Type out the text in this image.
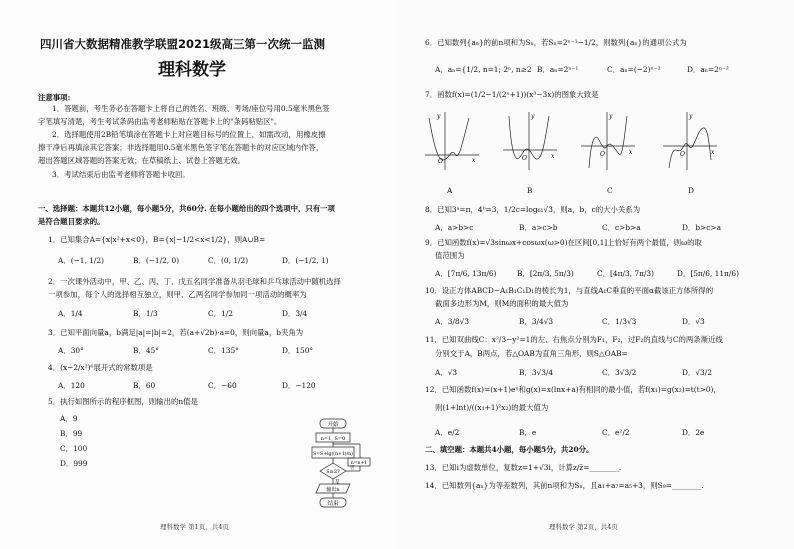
四川省大数据精准教学联盟2021级高三第一次统一监测
理科数学
注意事项:
1．答题前，考生务必在答题卡上将自己的姓名、班级、考场/座位号用0.5毫米黑色签
字笔填写清楚，考生考试条码由监考老师粘贴在答题卡上的"条码粘贴区"。
2．选择题使用2B铅笔填涂在答题卡上对应题目标号的位置上，如需改动，用橡皮擦
擦干净后再填涂其它答案；非选择题用0.5毫米黑色签字笔在答题卡的对应区域内作答，
超出答题区域答题的答案无效；在草稿纸上、试卷上答题无效。
3．考试结束后由监考老师将答题卡收回。
一、选择题：本题共12小题，每小题5分，共60分. 在每小题给出的四个选项中，只有一项
是符合题目要求的。
1．已知集合A={x|x²+x<0}，B={x|−1/2<x<1/2}，则A∪B=
A．(−1, 1/2)	B．(−1/2, 0)	C．(0, 1/2)	D．(−1/2, 1)
2．一次课外活动中，甲、乙、丙、丁、戊五名同学准备从羽毛球和乒乓球活动中随机选择
一项参加，每个人的选择相互独立，则甲、乙两名同学参加同一项活动的概率为
A．1/4	B．1/3	C．1/2	D．3/4
3．已知平面向量a，b满足|a|=|b|=2，若(a+√2b)·a=0，则向量a，b夹角为
A．30°	B．45°	C．135°	D．150°
4．(x−2/x²)⁶展开式的常数项是
A．120	B．60	C．−60	D．−120
5．执行如图所示的程序框图，则输出的n值是
A．9
B．99
C．100
D．999
开始
n=1, S=0
S=S+lg((n+1)/n)
S≥2?
否
是
n=n+1
输出n
结束
理科数学 第1页，共4页
6．已知数列{aₙ}的前n项和为Sₙ，若Sₙ=2ⁿ⁻¹−1/2，则数列{aₙ}的通项公式为
A．aₙ={1/2, n=1; 2ⁿ, n≥2 B．aₙ=2ⁿ⁻¹	C．aₙ=(−2)ⁿ⁻²	D．aₙ=2ⁿ⁻²
7．函数f(x)=(1/2−1/(2ˣ+1))(x³−3x)的图象大致是
O	x
y
O	x
y
O	x
y
O	x
y
A	B	C	D
8．已知3ᵃ=π，4ᵇ=3，1/2c=log₆₁√3，则a，b，c的大小关系为
A．a>b>c	B．a>c>b	C．c>b>a	D．b>c>a
9．已知函数f(x)=√3sinωx+cosωx(ω>0)在区间[0,1]上恰好有两个最值，则ω的取
值范围为
A．[7π/6, 13π/6)	B．[2π/3, 5π/3)	C．[4π/3, 7π/3)	D．[5π/6, 11π/6)
10．设正方体ABCD−A₁B₁C₁D₁的棱长为1，与直线A₁C垂直的平面α截该正方体所得的
截面多边形为M，则M的面积的最大值为
A．3/8√3	B．3/4√3	C．1/3√3	D．√3
11．已知双曲线C：x²/3−y²=1的左、右焦点分别为F₁，F₂，过F₂的直线与C的两条渐近线
分别交于A，B两点，若△OAB为直角三角形，则S△OAB=
A．√3	B．3√3/4	C．3√3/2	D．√3/2
12．已知函数f(x)=(x+1)eˣ和g(x)=x(lnx+a)有相同的最小值，若f(x₁)=g(x₂)=t(t>0)，
则(1+lnt)/((x₁+1)²x₂)的最大值为
A．e/2	B．e	C．e²/2	D．2e
二、填空题：本题共4小题，每小题5分，共20分。
13．已知i为虚数单位，复数z=1+√3i，计算z/z̄=________.
14．已知数列{aₙ}为等差数列，其前n项和为Sₙ，且a₁+a₇=a₅+3，则S₉=________.
理科数学 第2页，共4页
